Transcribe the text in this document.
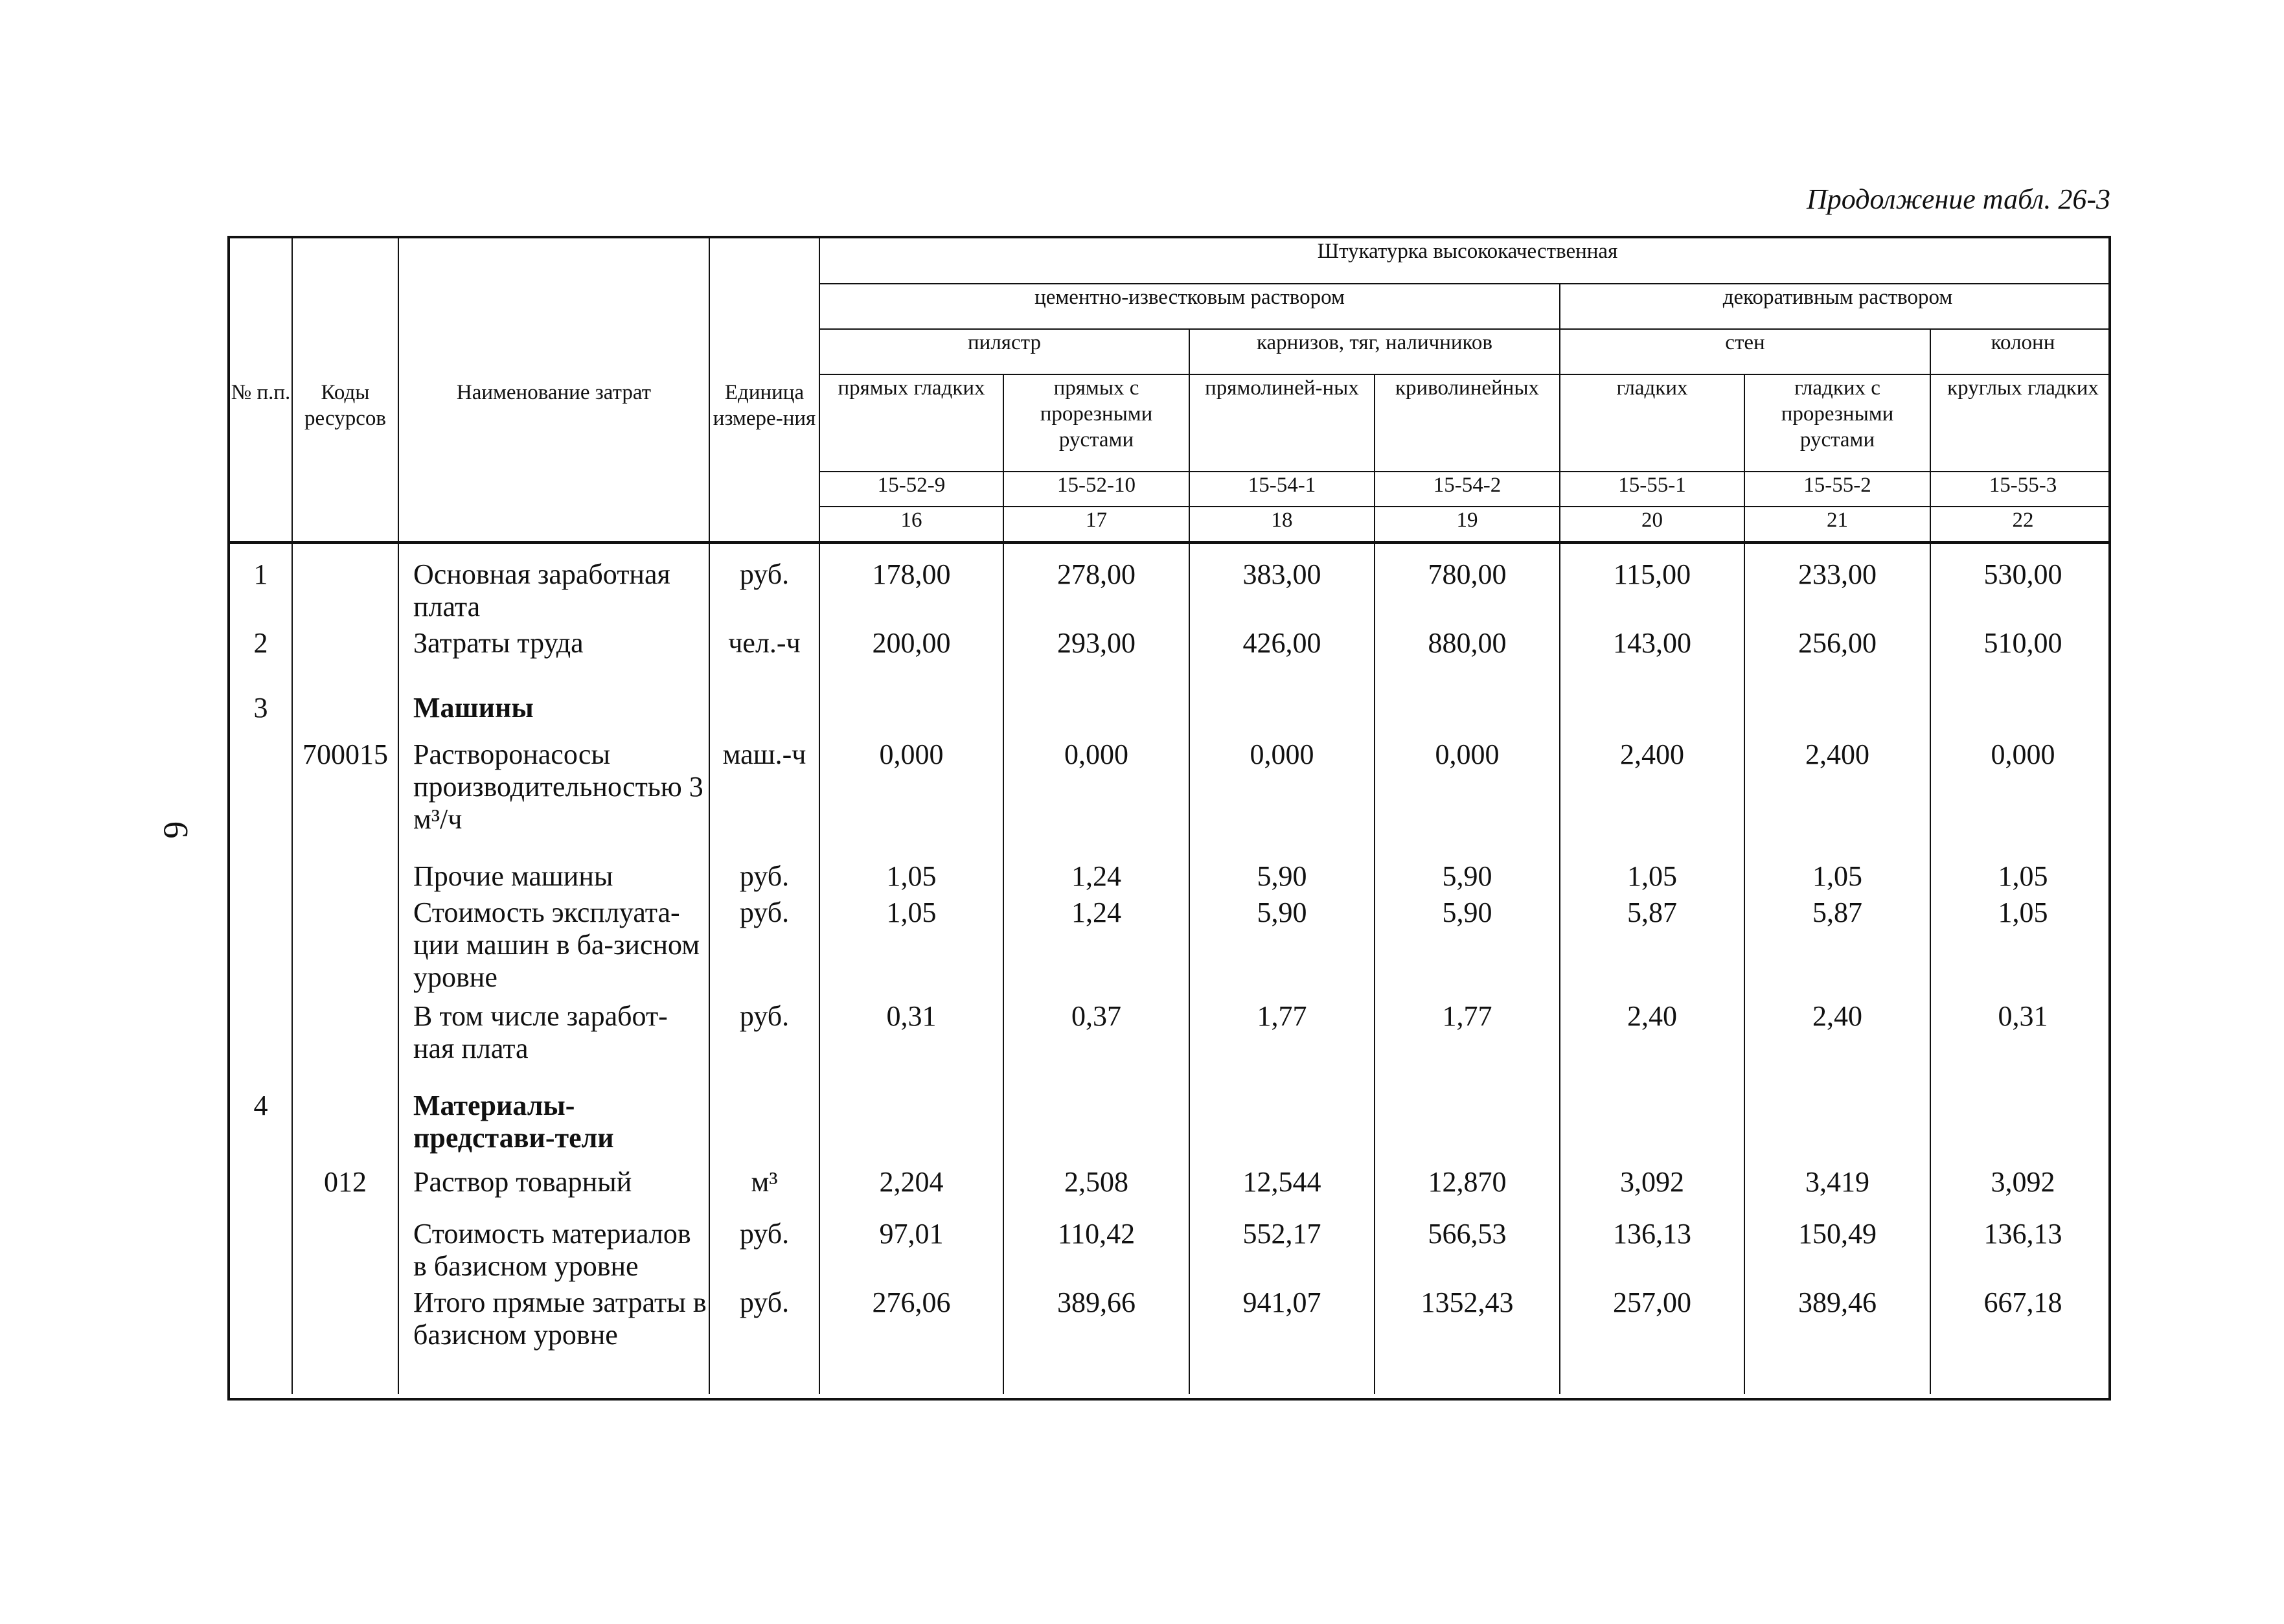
Продолжение табл. 26-3
6
№ п.п.	Коды ресурсов	Наименование затрат	Единица измере-ния	Штукатурка высококачественная						
				цементно-известковым раствором				декоративным раствором		
				пилястр		карнизов, тяг, наличников		стен		колонн
				прямых гладких	прямых с прорезными рустами	прямолиней-ных	криволинейных	гладких	гладких с прорезными рустами	круглых гладких
				15-52-9	15-52-10	15-54-1	15-54-2	15-55-1	15-55-2	15-55-3
				16	17	18	19	20	21	22
1		Основная заработная плата	руб.	178,00	278,00	383,00	780,00	115,00	233,00	530,00
2		Затраты труда	чел.-ч	200,00	293,00	426,00	880,00	143,00	256,00	510,00
3		Машины								
	700015	Растворонасосы производительностью 3 м³/ч	маш.-ч	0,000	0,000	0,000	0,000	2,400	2,400	0,000
		Прочие машины	руб.	1,05	1,24	5,90	5,90	1,05	1,05	1,05
		Стоимость эксплуата-ции машин в ба-зисном уровне	руб.	1,05	1,24	5,90	5,90	5,87	5,87	1,05
		В том числе заработ-ная плата	руб.	0,31	0,37	1,77	1,77	2,40	2,40	0,31
4		Материалы-представи-тели								
	012	Раствор товарный	м³	2,204	2,508	12,544	12,870	3,092	3,419	3,092
		Стоимость материалов в базисном уровне	руб.	97,01	110,42	552,17	566,53	136,13	150,49	136,13
		Итого прямые затраты в базисном уровне	руб.	276,06	389,66	941,07	1352,43	257,00	389,46	667,18
